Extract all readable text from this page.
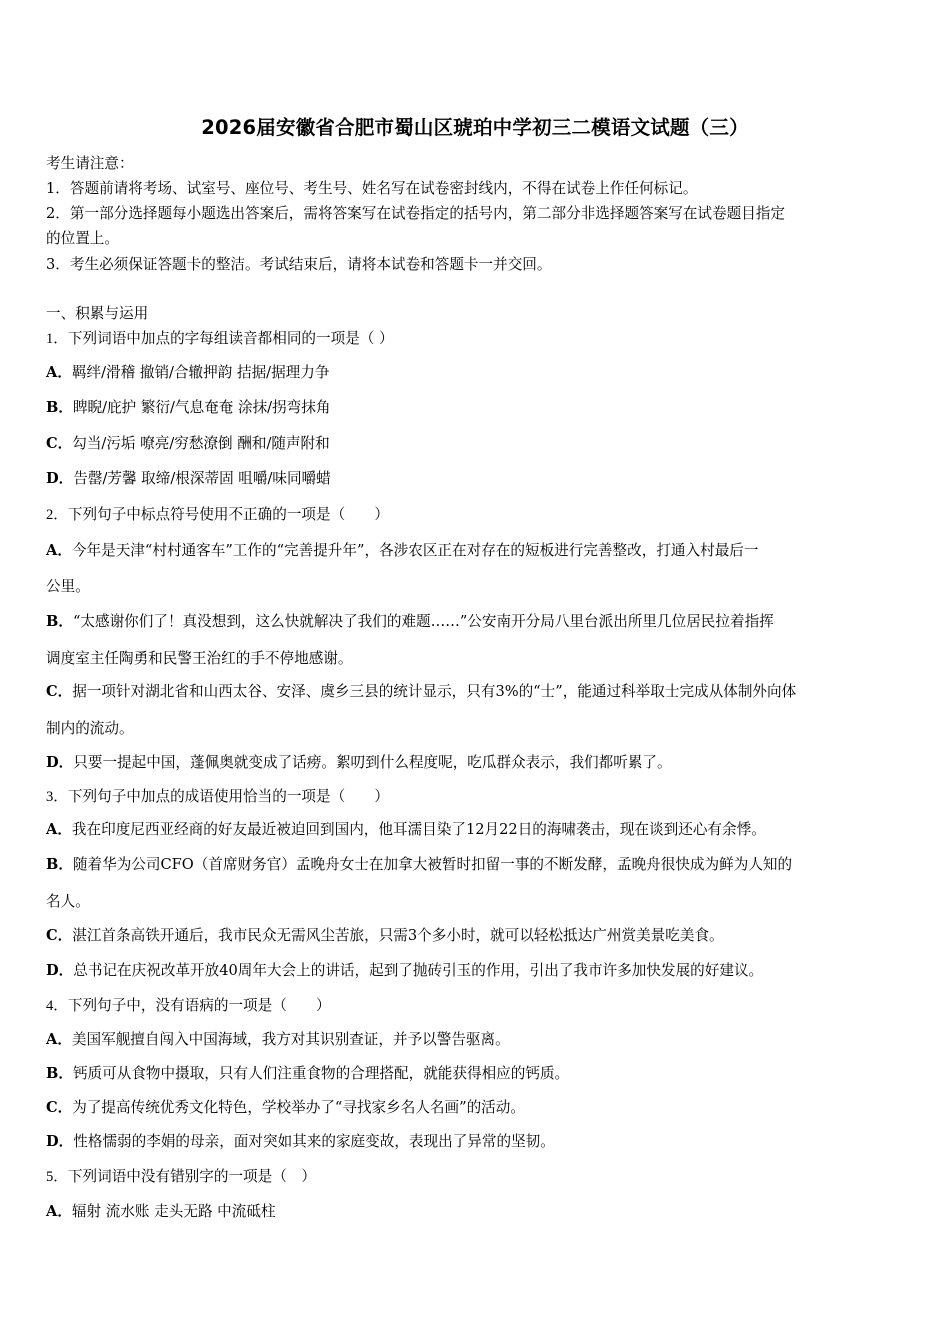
2026届安徽省合肥市蜀山区琥珀中学初三二模语文试题（三）
考生请注意：
1．答题前请将考场、试室号、座位号、考生号、姓名写在试卷密封线内，不得在试卷上作任何标记。
2．第一部分选择题每小题选出答案后，需将答案写在试卷指定的括号内，第二部分非选择题答案写在试卷题目指定
的位置上。
3．考生必须保证答题卡的整洁。考试结束后，请将本试卷和答题卡一并交回。
一、积累与运用
1．下列词语中加点的字每组读音都相同的一项是（ ）
A．羁绊/滑稽 撤销/合辙押韵 拮据/据理力争
B．睥睨/庇护 繁衍/气息奄奄 涂抹/拐弯抹角
C．勾当/污垢 嘹亮/穷愁潦倒 酬和/随声附和
D．告罄/芳馨 取缔/根深蒂固 咀嚼/味同嚼蜡
2．下列句子中标点符号使用不正确的一项是（　　）
A．今年是天津“村村通客车”工作的“完善提升年”，各涉农区正在对存在的短板进行完善整改，打通入村最后一
公里。
B．“太感谢你们了！真没想到，这么快就解决了我们的难题……”公安南开分局八里台派出所里几位居民拉着指挥
调度室主任陶勇和民警王治红的手不停地感谢。
C．据一项针对湖北省和山西太谷、安泽、虞乡三县的统计显示，只有3%的“士”，能通过科举取士完成从体制外向体
制内的流动。
D．只要一提起中国，蓬佩奥就变成了话痨。絮叨到什么程度呢，吃瓜群众表示，我们都听累了。
3．下列句子中加点的成语使用恰当的一项是（　　）
A．我在印度尼西亚经商的好友最近被迫回到国内，他耳濡目染了12月22日的海啸袭击，现在谈到还心有余悸。
B．随着华为公司CFO（首席财务官）孟晚舟女士在加拿大被暂时扣留一事的不断发酵，孟晚舟很快成为鲜为人知的
名人。
C．湛江首条高铁开通后，我市民众无需风尘苦旅，只需3个多小时，就可以轻松抵达广州赏美景吃美食。
D．总书记在庆祝改革开放40周年大会上的讲话，起到了抛砖引玉的作用，引出了我市许多加快发展的好建议。
4．下列句子中，没有语病的一项是（　　）
A．美国军舰擅自闯入中国海域，我方对其识别查证，并予以警告驱离。
B．钙质可从食物中摄取，只有人们注重食物的合理搭配，就能获得相应的钙质。
C．为了提高传统优秀文化特色，学校举办了“寻找家乡名人名画”的活动。
D．性格懦弱的李娟的母亲，面对突如其来的家庭变故，表现出了异常的坚韧。
5．下列词语中没有错别字的一项是（　）
A．辐射 流水账 走头无路 中流砥柱
